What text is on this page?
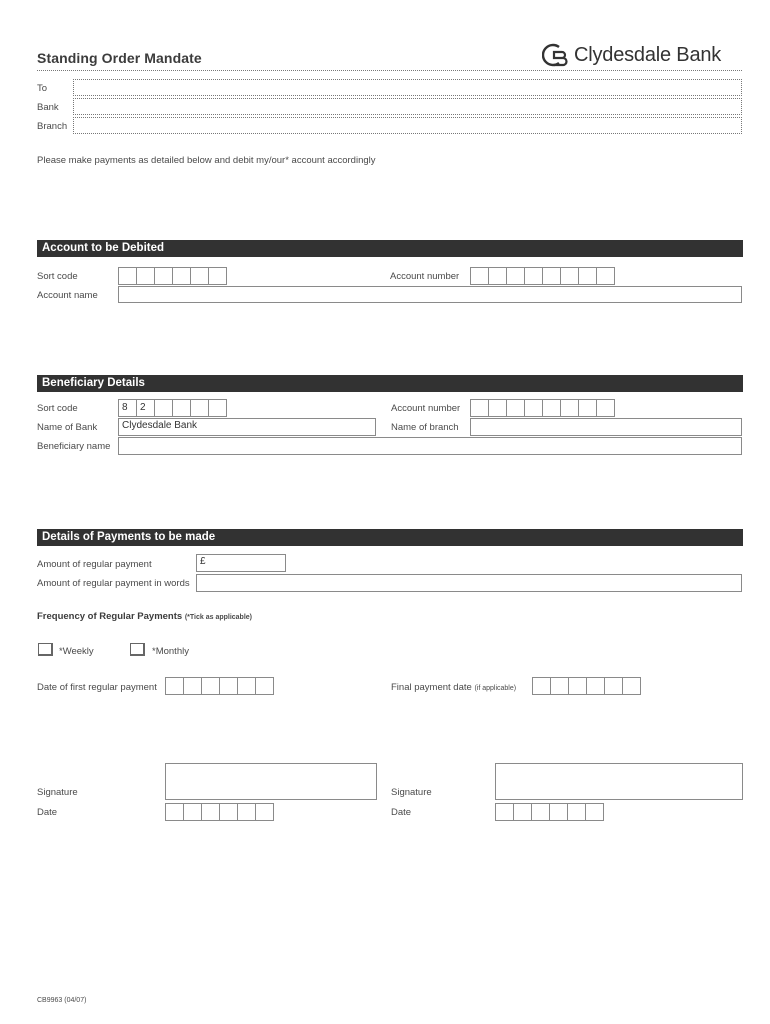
Standing Order Mandate	Clydesdale Bank
To
Bank
Branch
Please make payments as detailed below and debit my/our* account accordingly
Account to be Debited
Sort code	Account number
Account name
Beneficiary Details
Sort code	8	2	Account number
Name of Bank	Clydesdale Bank	Name of branch
Beneficiary name
Details of Payments to be made
Amount of regular payment	£
Amount of regular payment in words
Frequency of Regular Payments (*Tick as applicable)
*Weekly	*Monthly
Date of first regular payment	Final payment date (if applicable)
Signature
Date
Signature
Date
CB9963 (04/07)
